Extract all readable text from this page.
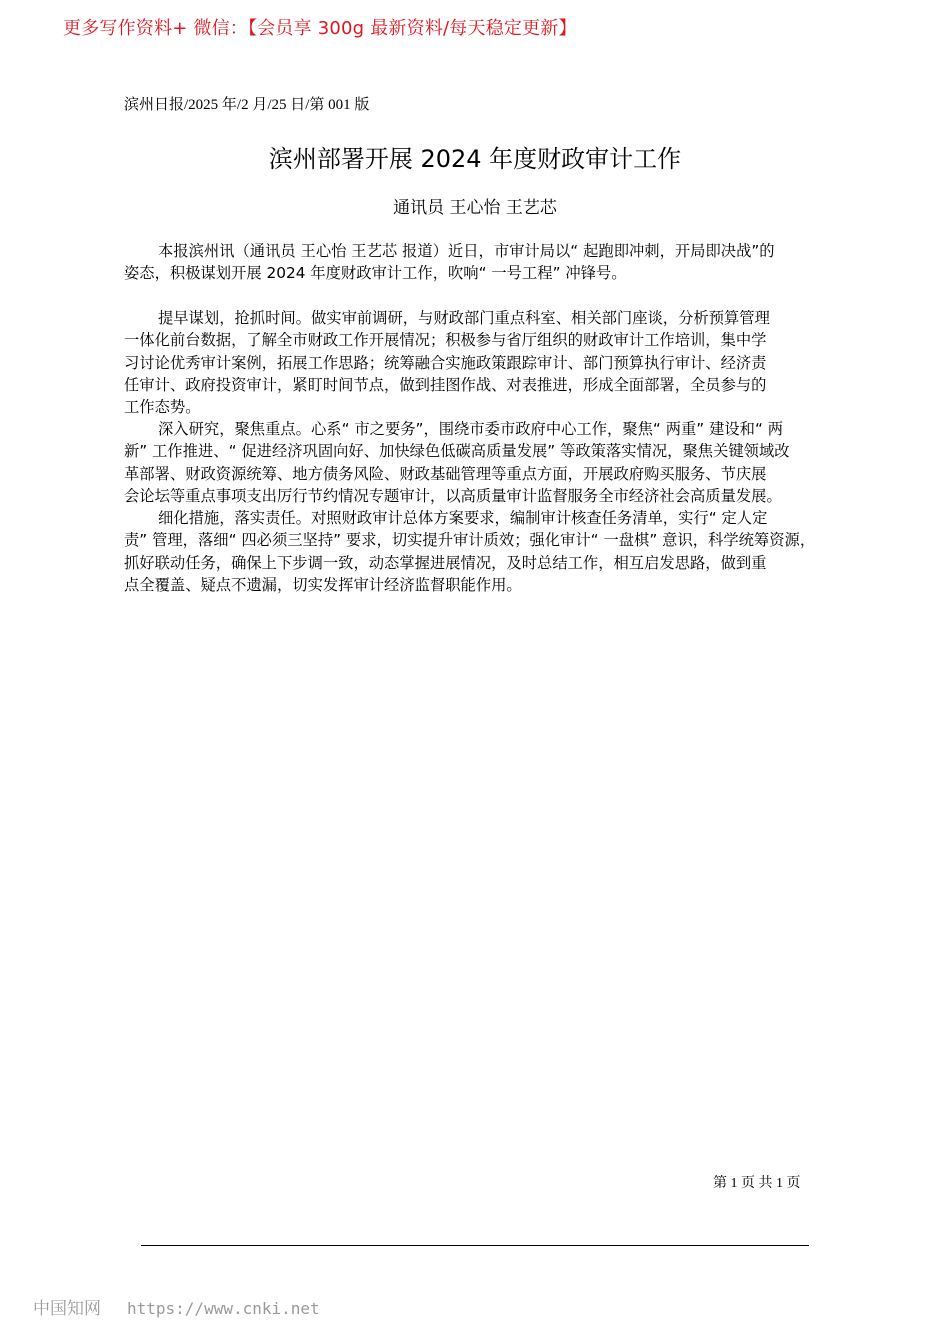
更多写作资料+ 微信：【会员享 300g 最新资料/每天稳定更新】
滨州日报/2025 年/2 月/25 日/第 001 版
滨州部署开展 2024 年度财政审计工作
通讯员 王心怡 王艺芯
本报滨州讯（通讯员 王心怡 王艺芯 报道）近日，市审计局以“ 起跑即冲刺，开局即决战”的
姿态，积极谋划开展 2024 年度财政审计工作，吹响“ 一号工程” 冲锋号。
提早谋划，抢抓时间。做实审前调研，与财政部门重点科室、相关部门座谈，分析预算管理
一体化前台数据，了解全市财政工作开展情况；积极参与省厅组织的财政审计工作培训，集中学
习讨论优秀审计案例，拓展工作思路；统筹融合实施政策跟踪审计、部门预算执行审计、经济责
任审计、政府投资审计，紧盯时间节点，做到挂图作战、对表推进，形成全面部署，全员参与的
工作态势。
深入研究，聚焦重点。心系“ 市之要务”，围绕市委市政府中心工作，聚焦“ 两重” 建设和“ 两
新” 工作推进、“ 促进经济巩固向好、加快绿色低碳高质量发展” 等政策落实情况，聚焦关键领域改
革部署、财政资源统筹、地方债务风险、财政基础管理等重点方面，开展政府购买服务、节庆展
会论坛等重点事项支出厉行节约情况专题审计，以高质量审计监督服务全市经济社会高质量发展。
细化措施，落实责任。对照财政审计总体方案要求，编制审计核查任务清单，实行“ 定人定
责” 管理，落细“ 四必须三坚持” 要求，切实提升审计质效；强化审计“ 一盘棋” 意识，科学统筹资源，
抓好联动任务，确保上下步调一致，动态掌握进展情况，及时总结工作，相互启发思路，做到重
点全覆盖、疑点不遗漏，切实发挥审计经济监督职能作用。
第 1 页 共 1 页
中国知网 https://www.cnki.net
